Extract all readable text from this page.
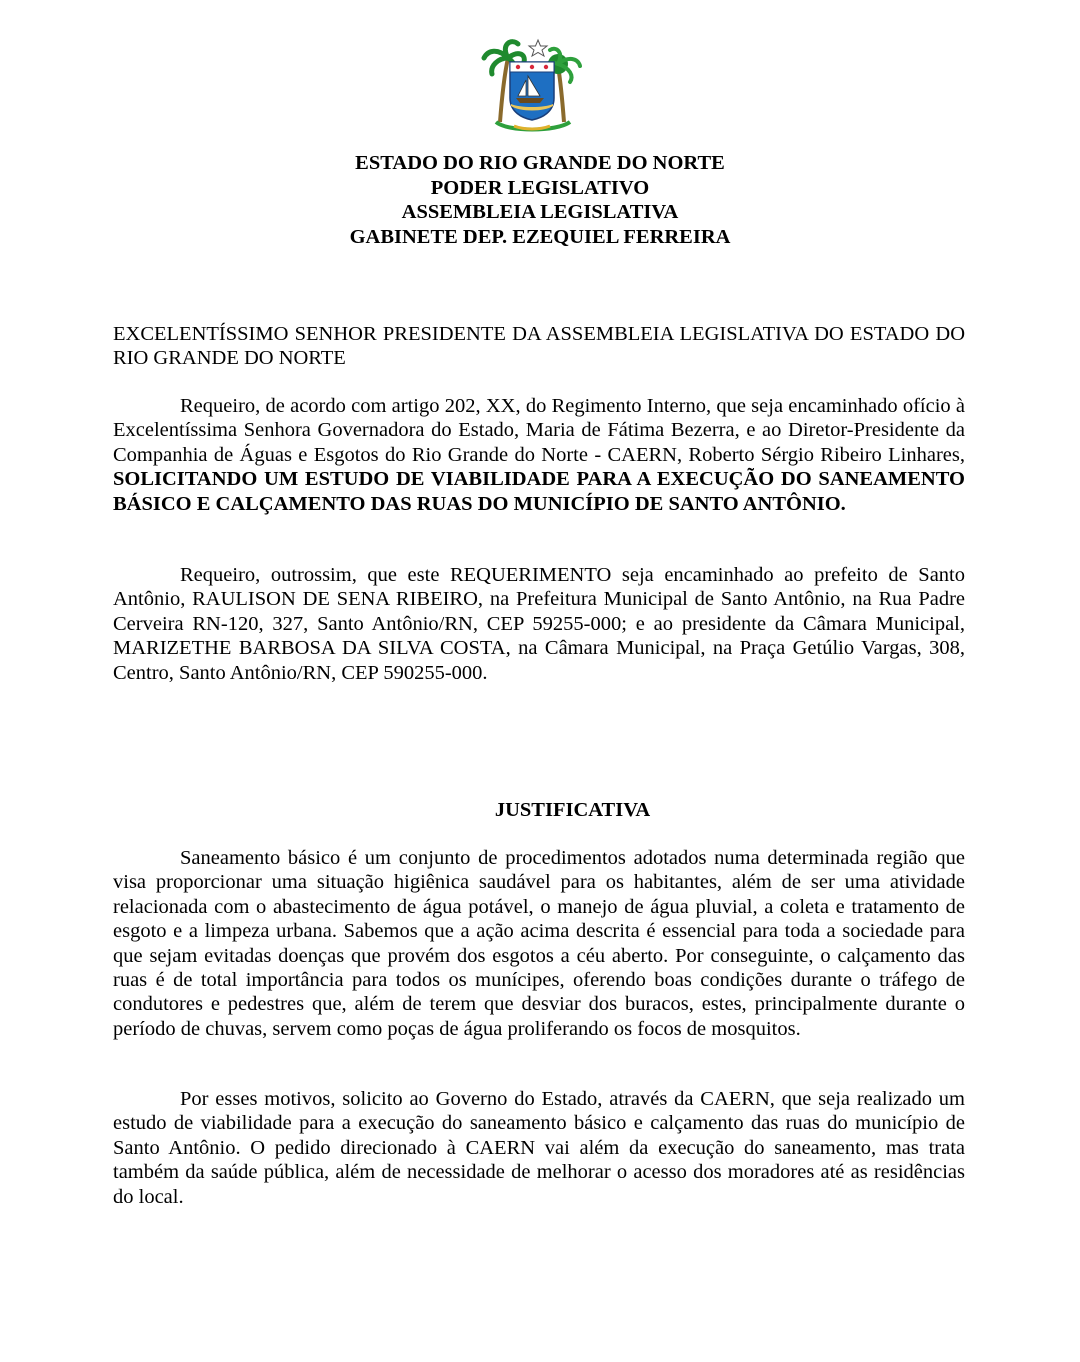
ESTADO DO RIO GRANDE DO NORTE
PODER LEGISLATIVO
ASSEMBLEIA LEGISLATIVA
GABINETE DEP. EZEQUIEL FERREIRA

EXCELENTÍSSIMO SENHOR PRESIDENTE DA ASSEMBLEIA LEGISLATIVA DO ESTADO DO RIO GRANDE DO NORTE

Requeiro, de acordo com artigo 202, XX, do Regimento Interno, que seja encaminhado ofício à Excelentíssima Senhora Governadora do Estado, Maria de Fátima Bezerra, e ao Diretor-Presidente da Companhia de Águas e Esgotos do Rio Grande do Norte - CAERN, Roberto Sérgio Ribeiro Linhares, SOLICITANDO UM ESTUDO DE VIABILIDADE PARA A EXECUÇÃO DO SANEAMENTO BÁSICO E CALÇAMENTO DAS RUAS DO MUNICÍPIO DE SANTO ANTÔNIO.

Requeiro, outrossim, que este REQUERIMENTO seja encaminhado ao prefeito de Santo Antônio, RAULISON DE SENA RIBEIRO, na Prefeitura Municipal de Santo Antônio, na Rua Padre Cerveira RN-120, 327, Santo Antônio/RN, CEP 59255-000; e ao presidente da Câmara Municipal, MARIZETHE BARBOSA DA SILVA COSTA, na Câmara Municipal, na Praça Getúlio Vargas, 308, Centro, Santo Antônio/RN, CEP 590255-000.

JUSTIFICATIVA

Saneamento básico é um conjunto de procedimentos adotados numa determinada região que visa proporcionar uma situação higiênica saudável para os habitantes, além de ser uma atividade relacionada com o abastecimento de água potável, o manejo de água pluvial, a coleta e tratamento de esgoto e a limpeza urbana. Sabemos que a ação acima descrita é essencial para toda a sociedade para que sejam evitadas doenças que provém dos esgotos a céu aberto. Por conseguinte, o calçamento das ruas é de total importância para todos os munícipes, oferendo boas condições durante o tráfego de condutores e pedestres que, além de terem que desviar dos buracos, estes, principalmente durante o período de chuvas, servem como poças de água proliferando os focos de mosquitos.

Por esses motivos, solicito ao Governo do Estado, através da CAERN, que seja realizado um estudo de viabilidade para a execução do saneamento básico e calçamento das ruas do município de Santo Antônio. O pedido direcionado à CAERN vai além da execução do saneamento, mas trata também da saúde pública, além de necessidade de melhorar o acesso dos moradores até as residências do local.
